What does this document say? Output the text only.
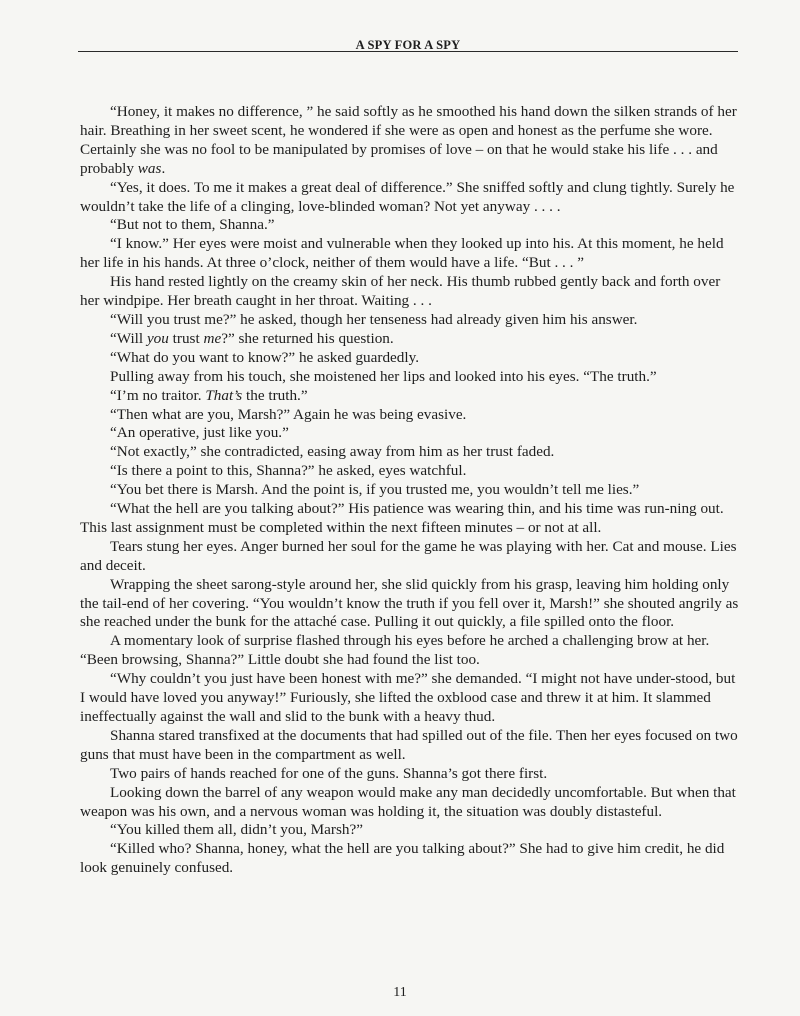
A SPY FOR A SPY

“Honey, it makes no difference, ” he said softly as he smoothed his hand down the silken strands of her hair. Breathing in her sweet scent, he wondered if she were as open and honest as the perfume she wore. Certainly she was no fool to be manipulated by promises of love – on that he would stake his life . . . and probably was.

“Yes, it does. To me it makes a great deal of difference.” She sniffed softly and clung tightly. Surely he wouldn’t take the life of a clinging, love-blinded woman? Not yet anyway . . . .

“But not to them, Shanna.”

“I know.” Her eyes were moist and vulnerable when they looked up into his. At this moment, he held her life in his hands. At three o’clock, neither of them would have a life. “But . . . ”

His hand rested lightly on the creamy skin of her neck. His thumb rubbed gently back and forth over her windpipe. Her breath caught in her throat. Waiting . . .

“Will you trust me?” he asked, though her tenseness had already given him his answer.

“Will you trust me?” she returned his question.

“What do you want to know?” he asked guardedly.

Pulling away from his touch, she moistened her lips and looked into his eyes. “The truth.”

“I’m no traitor. That’s the truth.”

“Then what are you, Marsh?” Again he was being evasive.

“An operative, just like you.”

“Not exactly,” she contradicted, easing away from him as her trust faded.

“Is there a point to this, Shanna?” he asked, eyes watchful.

“You bet there is Marsh. And the point is, if you trusted me, you wouldn’t tell me lies.”

“What the hell are you talking about?” His patience was wearing thin, and his time was run-ning out. This last assignment must be completed within the next fifteen minutes – or not at all.

Tears stung her eyes. Anger burned her soul for the game he was playing with her. Cat and mouse. Lies and deceit.

Wrapping the sheet sarong-style around her, she slid quickly from his grasp, leaving him holding only the tail-end of her covering. “You wouldn’t know the truth if you fell over it, Marsh!” she shouted angrily as she reached under the bunk for the attaché case. Pulling it out quickly, a file spilled onto the floor.

A momentary look of surprise flashed through his eyes before he arched a challenging brow at her. “Been browsing, Shanna?” Little doubt she had found the list too.

“Why couldn’t you just have been honest with me?” she demanded. “I might not have under-stood, but I would have loved you anyway!” Furiously, she lifted the oxblood case and threw it at him. It slammed ineffectually against the wall and slid to the bunk with a heavy thud.

Shanna stared transfixed at the documents that had spilled out of the file. Then her eyes focused on two guns that must have been in the compartment as well.

Two pairs of hands reached for one of the guns. Shanna’s got there first.

Looking down the barrel of any weapon would make any man decidedly uncomfortable. But when that weapon was his own, and a nervous woman was holding it, the situation was doubly distasteful.

“You killed them all, didn’t you, Marsh?”

“Killed who? Shanna, honey, what the hell are you talking about?” She had to give him credit, he did look genuinely confused.

11
